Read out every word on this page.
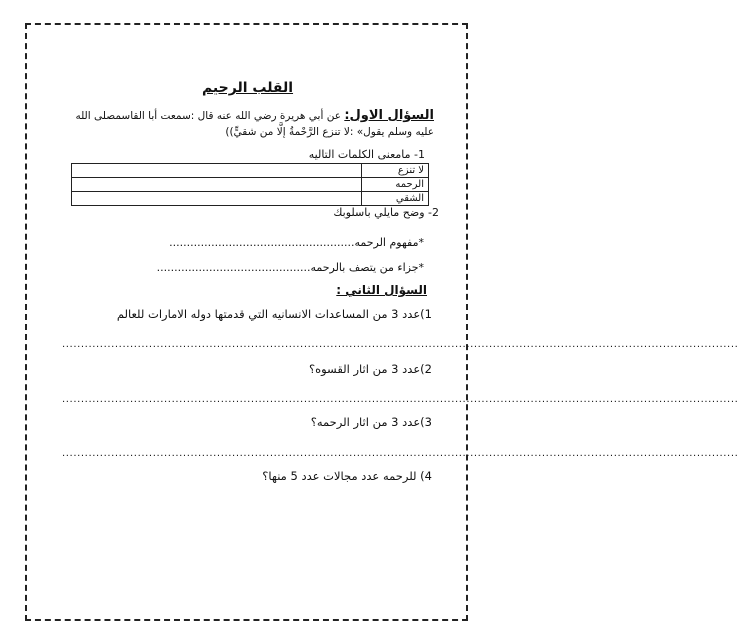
القلب الرحيم
السؤال الاول: عن أبي هريرة رضي الله عنه قال :سمعت أبا القاسمصلى الله عليه وسلم يقول» :لا تنزع الرَّحْمةُ إلَّا من شقيٍّ))
1- مامعنى الكلمات التاليه
لا تنزع	
الرحمه	
الشقي	
2- وضح مايلي باسلوبك
*مفهوم الرحمه.....................................................
*جزاء من يتصف بالرحمه............................................
السؤال الثاني :
1)عدد 3 من المساعدات الانسانيه التي قدمتها دوله الامارات للعالم
...................................................................................................................................................................................
2)عدد 3 من اثار القسوه؟
...................................................................................................................................................................................
3)عدد 3 من اثار الرحمه؟
...................................................................................................................................................................................
4) للرحمه عدد مجالات عدد 5 منها؟
